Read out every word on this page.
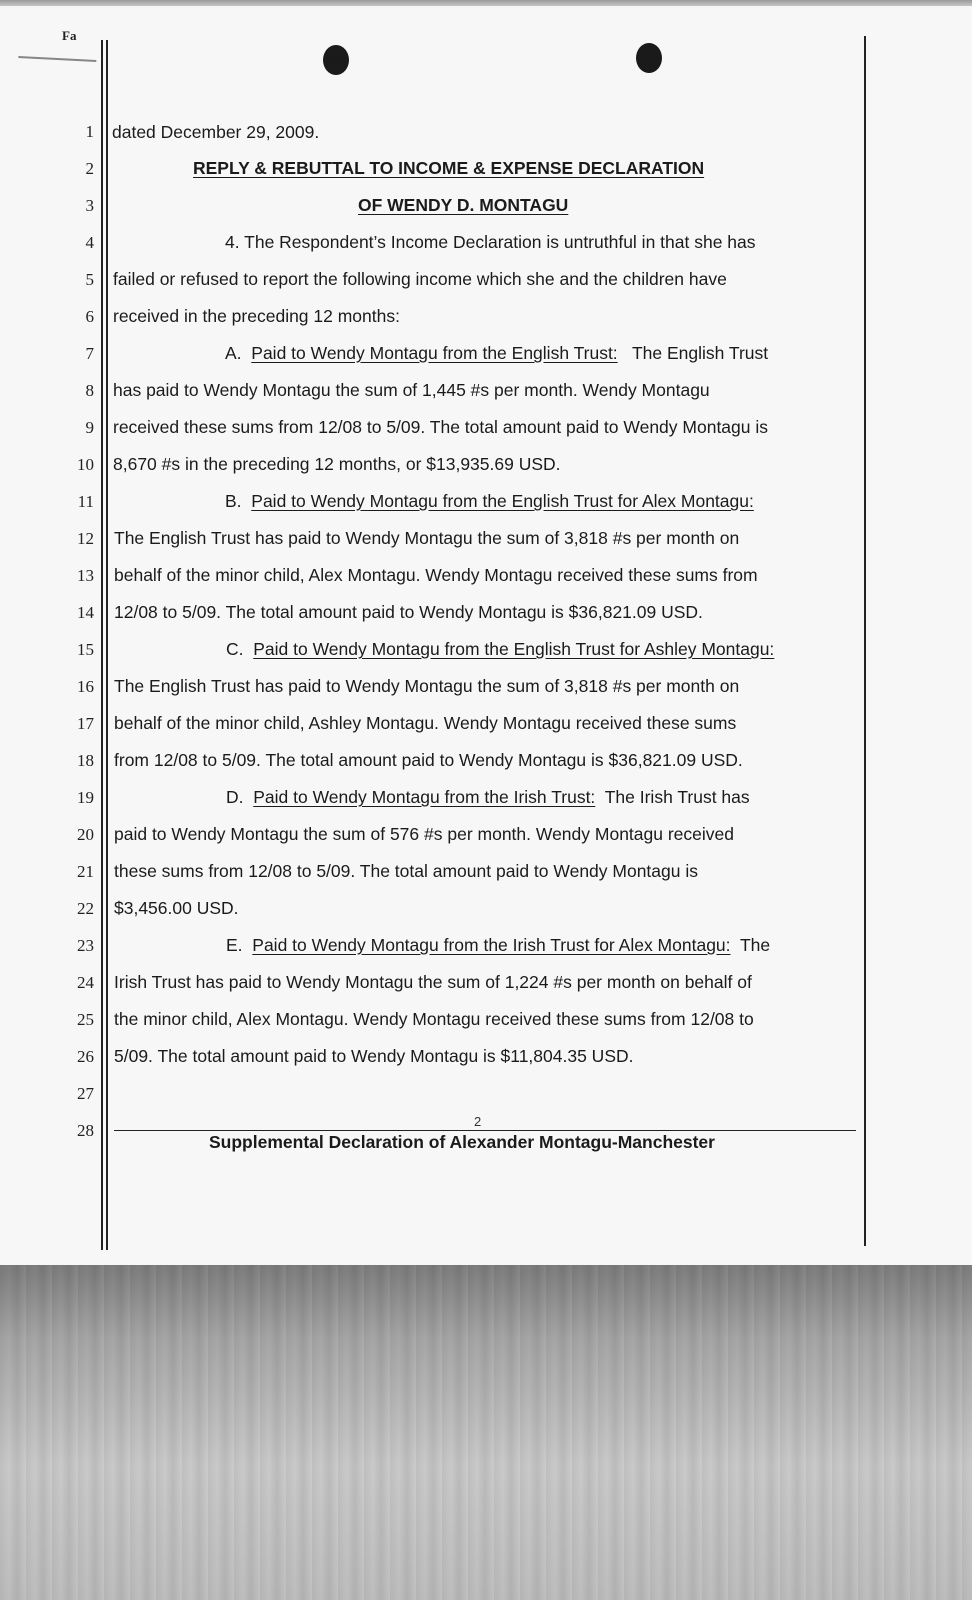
Fa
1
2
3
4
5
6
7
8
9
10
11
12
13
14
15
16
17
18
19
20
21
22
23
24
25
26
27
28
dated December 29, 2009.
REPLY & REBUTTAL TO INCOME & EXPENSE DECLARATION
OF WENDY D. MONTAGU
4. The Respondent’s Income Declaration is untruthful in that she has
failed or refused to report the following income which she and the children have
received in the preceding 12 months:
A. Paid to Wendy Montagu from the English Trust: The English Trust
has paid to Wendy Montagu the sum of 1,445 #s per month. Wendy Montagu
received these sums from 12/08 to 5/09. The total amount paid to Wendy Montagu is
8,670 #s in the preceding 12 months, or $13,935.69 USD.
B. Paid to Wendy Montagu from the English Trust for Alex Montagu:
The English Trust has paid to Wendy Montagu the sum of 3,818 #s per month on
behalf of the minor child, Alex Montagu. Wendy Montagu received these sums from
12/08 to 5/09. The total amount paid to Wendy Montagu is $36,821.09 USD.
C. Paid to Wendy Montagu from the English Trust for Ashley Montagu:
The English Trust has paid to Wendy Montagu the sum of 3,818 #s per month on
behalf of the minor child, Ashley Montagu. Wendy Montagu received these sums
from 12/08 to 5/09. The total amount paid to Wendy Montagu is $36,821.09 USD.
D. Paid to Wendy Montagu from the Irish Trust: The Irish Trust has
paid to Wendy Montagu the sum of 576 #s per month. Wendy Montagu received
these sums from 12/08 to 5/09. The total amount paid to Wendy Montagu is
$3,456.00 USD.
E. Paid to Wendy Montagu from the Irish Trust for Alex Montagu: The
Irish Trust has paid to Wendy Montagu the sum of 1,224 #s per month on behalf of
the minor child, Alex Montagu. Wendy Montagu received these sums from 12/08 to
5/09. The total amount paid to Wendy Montagu is $11,804.35 USD.
2
Supplemental Declaration of Alexander Montagu-Manchester
